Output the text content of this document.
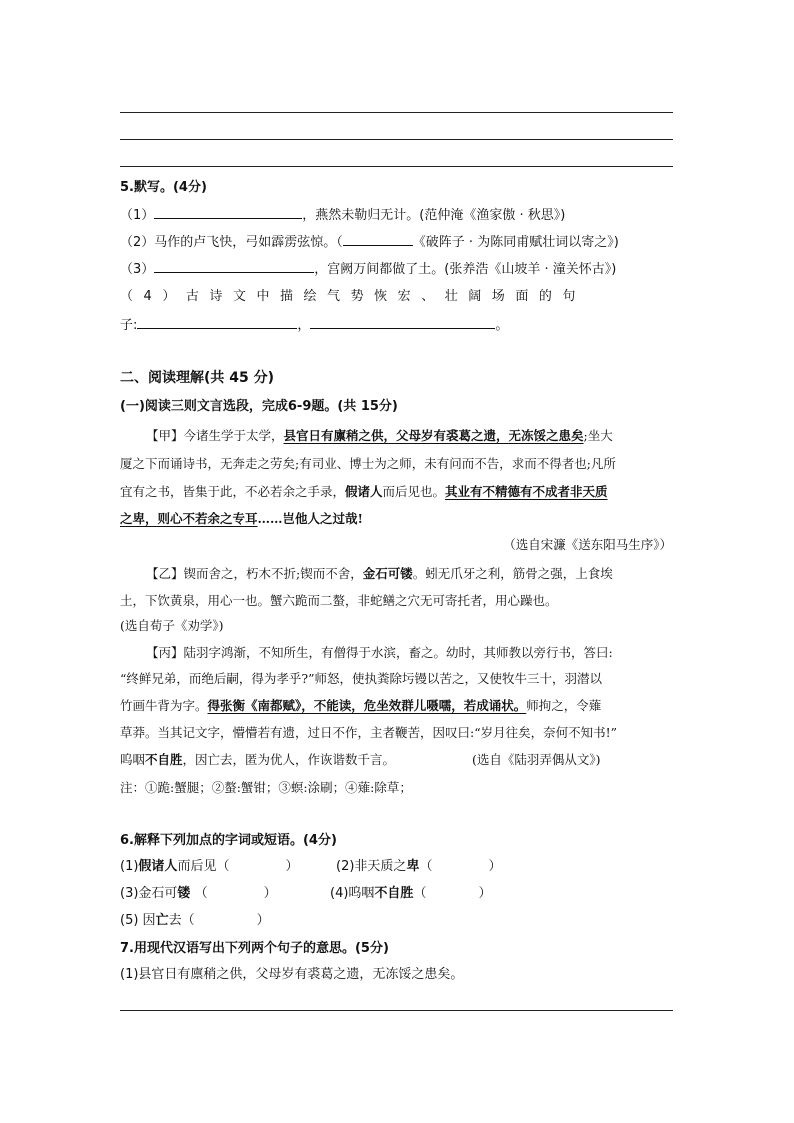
5.默写。(4分)
（1）	，燕然未勒归无计。(范仲淹《渔家傲 · 秋思》)
（2）马作的卢飞快，弓如霹雳弦惊。（	《破阵子 · 为陈同甫赋壮词以寄之》)
（3）	，宫阙万间都做了土。(张养浩《山坡羊 · 潼关怀古》)
（ 4 ） 古 诗 文 中 描 绘 气 势 恢 宏 、 壮 阔 场 面 的 句
子:	，	。
二、阅读理解(共 45 分)
(一)阅读三则文言选段，完成6-9题。(共 15分)
【甲】今诸生学于太学，县官日有廪稍之供，父母岁有裘葛之遗，无冻馁之患矣;坐大
厦之下而诵诗书，无奔走之劳矣;有司业、博士为之师，未有问而不告，求而不得者也;凡所
宜有之书，皆集于此，不必若余之手录，假诸人而后见也。其业有不精德有不成者非天质
之卑，则心不若余之专耳……岂他人之过哉!
（选自宋濂《送东阳马生序》）
【乙】锲而舍之，朽木不折;锲而不舍，金石可镂。蚓无爪牙之利，筋骨之强，上食埃
土，下饮黄泉，用心一也。蟹六跪而二螯，非蛇鳝之穴无可寄托者，用心躁也。
(选自荀子《劝学》)
【丙】陆羽字鸿渐，不知所生，有僧得于水滨，畜之。幼时，其师教以旁行书，答曰:
“终鲜兄弟，而绝后嗣，得为孝乎?”师怒，使执粪除圬镘以苦之，又使牧牛三十，羽潜以
竹画牛背为字。得张衡《南都赋》，不能读，危坐效群儿嗫嚅，若成诵状。师拘之，令薙
草莽。当其记文字，懵懵若有遗，过日不作，主者鞭苦，因叹曰:“岁月往矣，奈何不知书!”
呜咽不自胜，因亡去，匿为优人，作诙谐数千言。	(选自《陆羽弄偶从文》)
注：①跪:蟹腿；②螯:蟹钳；③螟:涂刷；④薙:除草；
6.解释下列加点的字词或短语。(4分)
(1)假诸人而后见（	）	(2)非天质之卑（	）
(3)金石可镂 （	）	(4)呜咽不自胜（	）
(5) 因亡去（	）
7.用现代汉语写出下列两个句子的意思。(5分)
(1)县官日有廪稍之供，父母岁有裘葛之遗，无冻馁之患矣。
